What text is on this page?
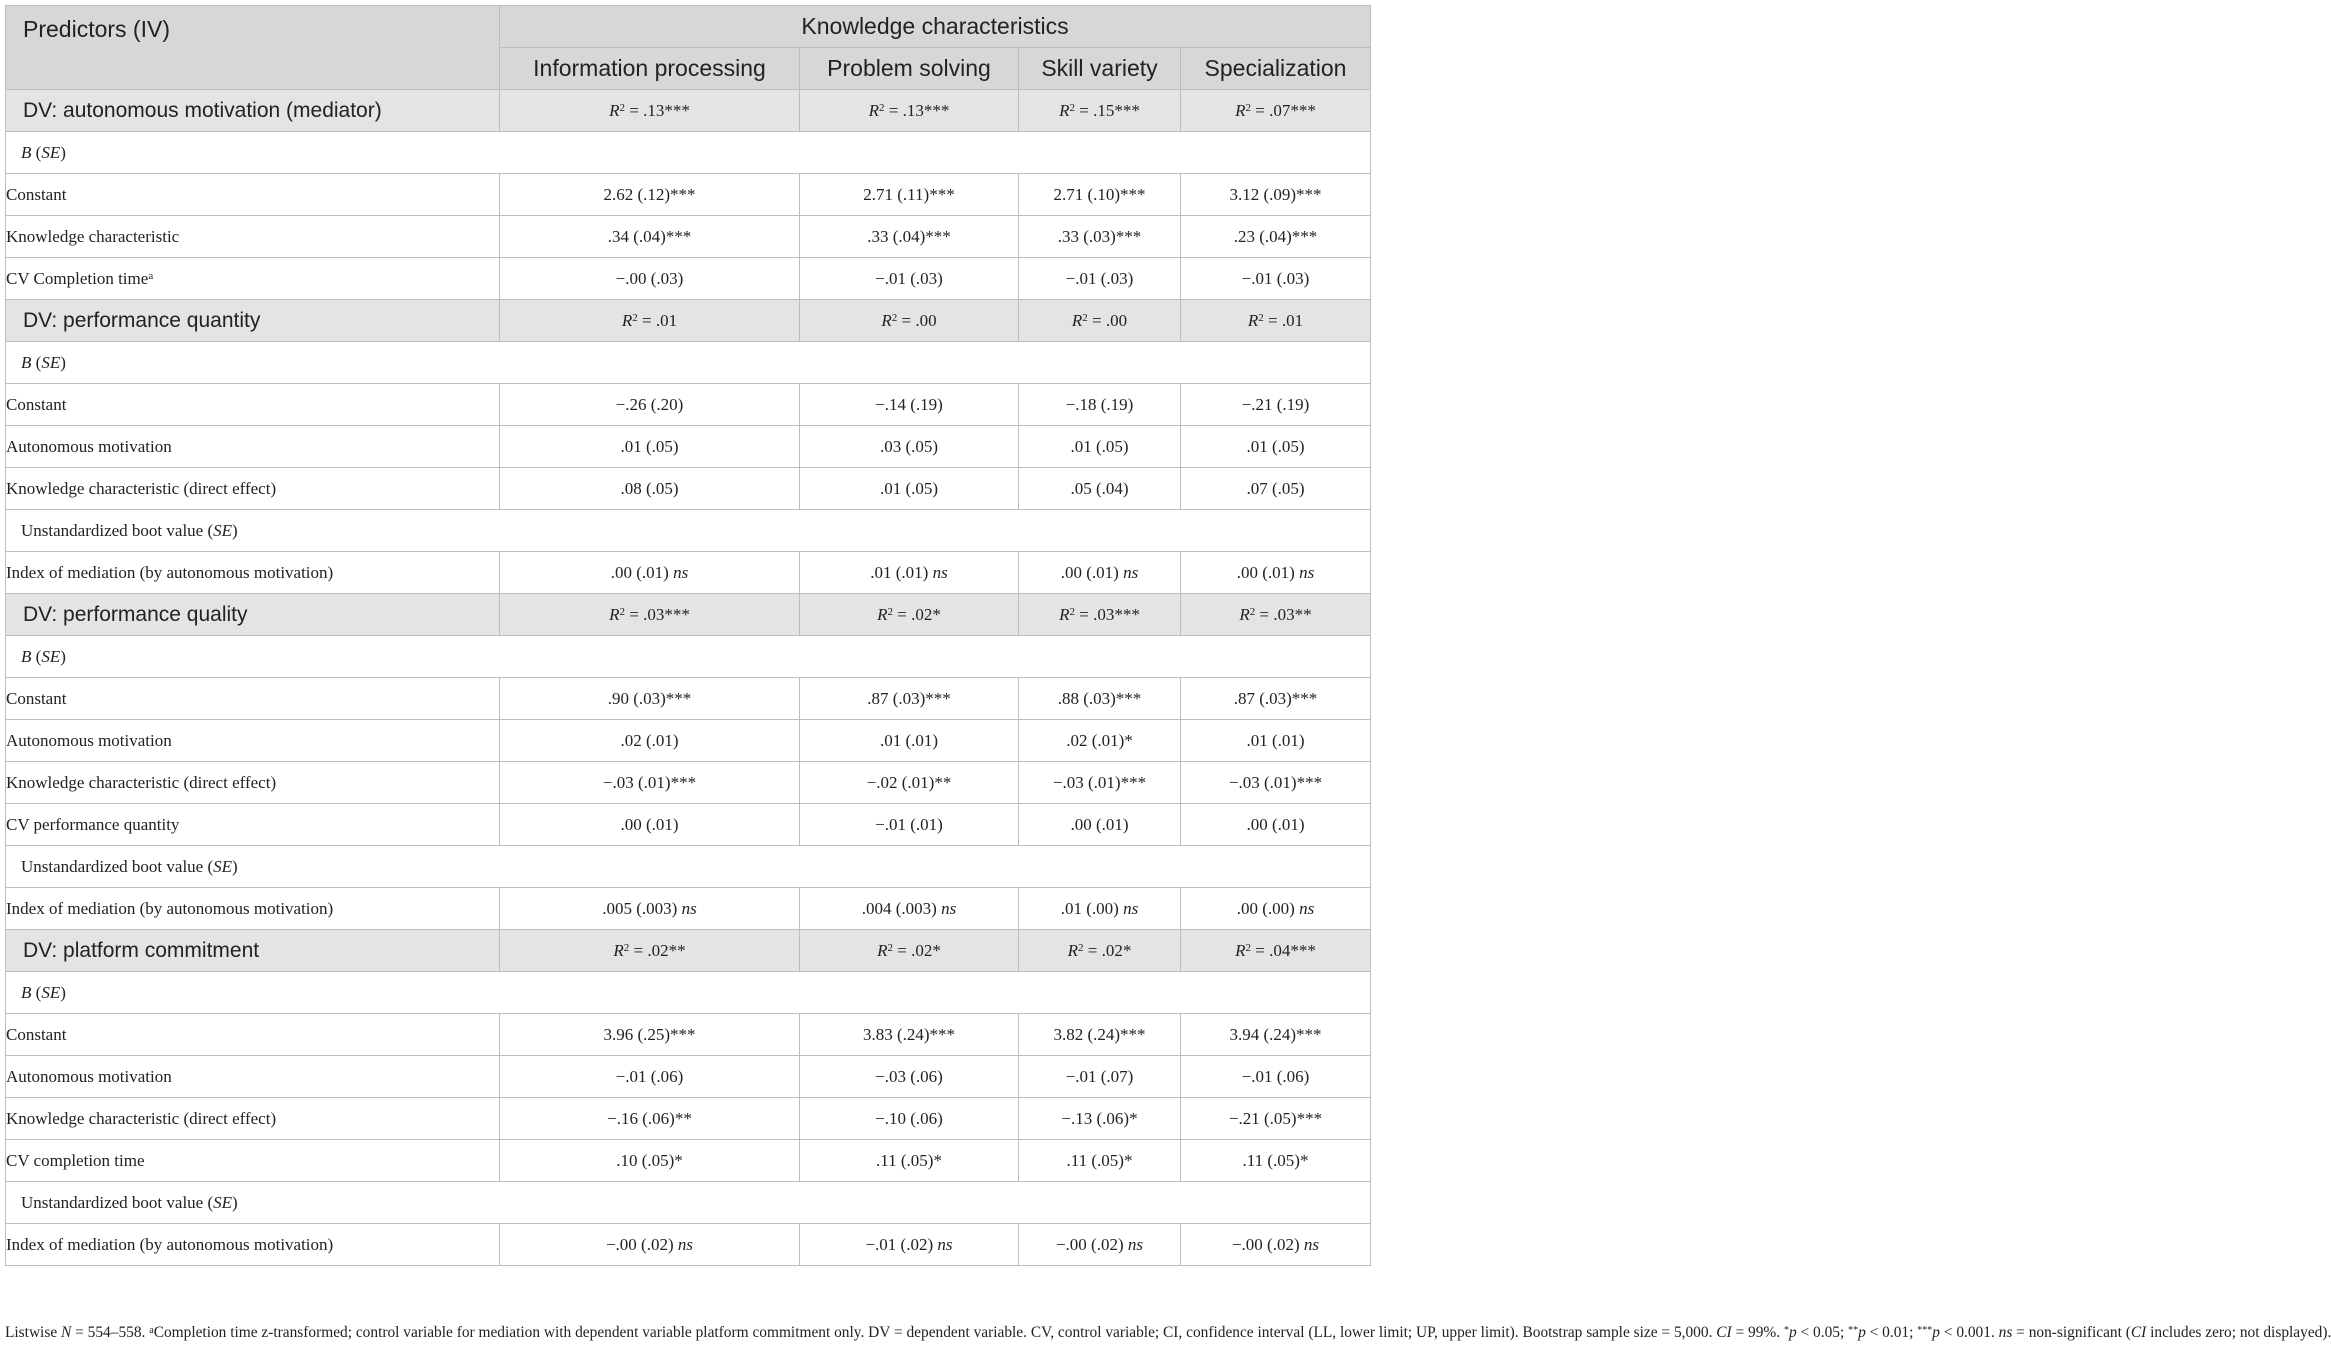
Predictors (IV)	Knowledge characteristics			
	Information processing	Problem solving	Skill variety	Specialization
DV: autonomous motivation (mediator)	$R^2 = .13***$	$R^2 = .13***$	$R^2 = .15***$	$R^2 = .07***$
B (SE)				
Constant	2.62 (.12)***	2.71 (.11)***	2.71 (.10)***	3.12 (.09)***
Knowledge characteristic	.34 (.04)***	.33 (.04)***	.33 (.03)***	.23 (.04)***
CV Completion time$^a$	−.00 (.03)	−.01 (.03)	−.01 (.03)	−.01 (.03)
DV: performance quantity	$R^2 = .01$	$R^2 = .00$	$R^2 = .00$	$R^2 = .01$
B (SE)				
Constant	−.26 (.20)	−.14 (.19)	−.18 (.19)	−.21 (.19)
Autonomous motivation	.01 (.05)	.03 (.05)	.01 (.05)	.01 (.05)
Knowledge characteristic (direct effect)	.08 (.05)	.01 (.05)	.05 (.04)	.07 (.05)
Unstandardized boot value (SE)				
Index of mediation (by autonomous motivation)	.00 (.01) ns	.01 (.01) ns	.00 (.01) ns	.00 (.01) ns
DV: performance quality	$R^2 = .03***$	$R^2 = .02*$	$R^2 = .03***$	$R^2 = .03**$
B (SE)				
Constant	.90 (.03)***	.87 (.03)***	.88 (.03)***	.87 (.03)***
Autonomous motivation	.02 (.01)	.01 (.01)	.02 (.01)*	.01 (.01)
Knowledge characteristic (direct effect)	−.03 (.01)***	−.02 (.01)**	−.03 (.01)***	−.03 (.01)***
CV performance quantity	.00 (.01)	−.01 (.01)	.00 (.01)	.00 (.01)
Unstandardized boot value (SE)				
Index of mediation (by autonomous motivation)	.005 (.003) ns	.004 (.003) ns	.01 (.00) ns	.00 (.00) ns
DV: platform commitment	$R^2 = .02**$	$R^2 = .02*$	$R^2 = .02*$	$R^2 = .04***$
B (SE)				
Constant	3.96 (.25)***	3.83 (.24)***	3.82 (.24)***	3.94 (.24)***
Autonomous motivation	−.01 (.06)	−.03 (.06)	−.01 (.07)	−.01 (.06)
Knowledge characteristic (direct effect)	−.16 (.06)**	−.10 (.06)	−.13 (.06)*	−.21 (.05)***
CV completion time	.10 (.05)*	.11 (.05)*	.11 (.05)*	.11 (.05)*
Unstandardized boot value (SE)				
Index of mediation (by autonomous motivation)	−.00 (.02) ns	−.01 (.02) ns	−.00 (.02) ns	−.00 (.02) ns
Listwise N = 554–558. $^a$Completion time z-transformed; control variable for mediation with dependent variable platform commitment only. DV = dependent variable. CV, control variable; CI, confidence interval (LL, lower limit; UP, upper limit). Bootstrap sample size = 5,000. CI = 99%. *p < 0.05; **p < 0.01; ***p < 0.001. ns = non-significant (CI includes zero; not displayed).
